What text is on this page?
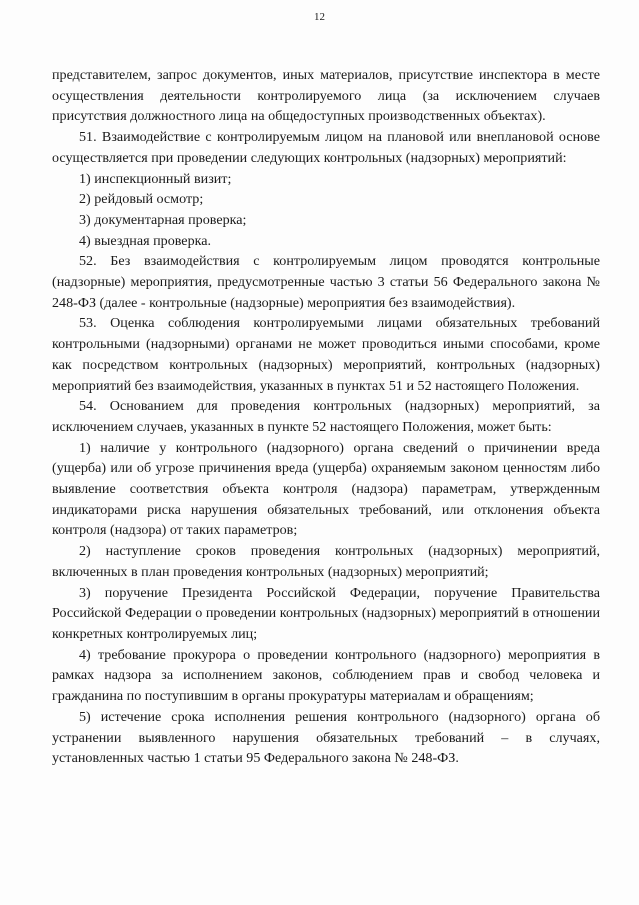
12

представителем, запрос документов, иных материалов, присутствие инспектора в месте осуществления деятельности контролируемого лица (за исключением случаев присутствия должностного лица на общедоступных производственных объектах).

51. Взаимодействие с контролируемым лицом на плановой или внеплановой основе осуществляется при проведении следующих контрольных (надзорных) мероприятий:

1) инспекционный визит;

2) рейдовый осмотр;

3) документарная проверка;

4) выездная проверка.

52. Без взаимодействия с контролируемым лицом проводятся контрольные (надзорные) мероприятия, предусмотренные частью 3 статьи 56 Федерального закона № 248-ФЗ (далее - контрольные (надзорные) мероприятия без взаимодействия).

53. Оценка соблюдения контролируемыми лицами обязательных требований контрольными (надзорными) органами не может проводиться иными способами, кроме как посредством контрольных (надзорных) мероприятий, контрольных (надзорных) мероприятий без взаимодействия, указанных в пунктах 51 и 52 настоящего Положения.

54. Основанием для проведения контрольных (надзорных) мероприятий, за исключением случаев, указанных в пункте 52 настоящего Положения, может быть:

1) наличие у контрольного (надзорного) органа сведений о причинении вреда (ущерба) или об угрозе причинения вреда (ущерба) охраняемым законом ценностям либо выявление соответствия объекта контроля (надзора) параметрам, утвержденным индикаторами риска нарушения обязательных требований, или отклонения объекта контроля (надзора) от таких параметров;

2) наступление сроков проведения контрольных (надзорных) мероприятий, включенных в план проведения контрольных (надзорных) мероприятий;

3) поручение Президента Российской Федерации, поручение Правительства Российской Федерации о проведении контрольных (надзорных) мероприятий в отношении конкретных контролируемых лиц;

4) требование прокурора о проведении контрольного (надзорного) мероприятия в рамках надзора за исполнением законов, соблюдением прав и свобод человека и гражданина по поступившим в органы прокуратуры материалам и обращениям;

5) истечение срока исполнения решения контрольного (надзорного) органа об устранении выявленного нарушения обязательных требований – в случаях, установленных частью 1 статьи 95 Федерального закона № 248-ФЗ.
